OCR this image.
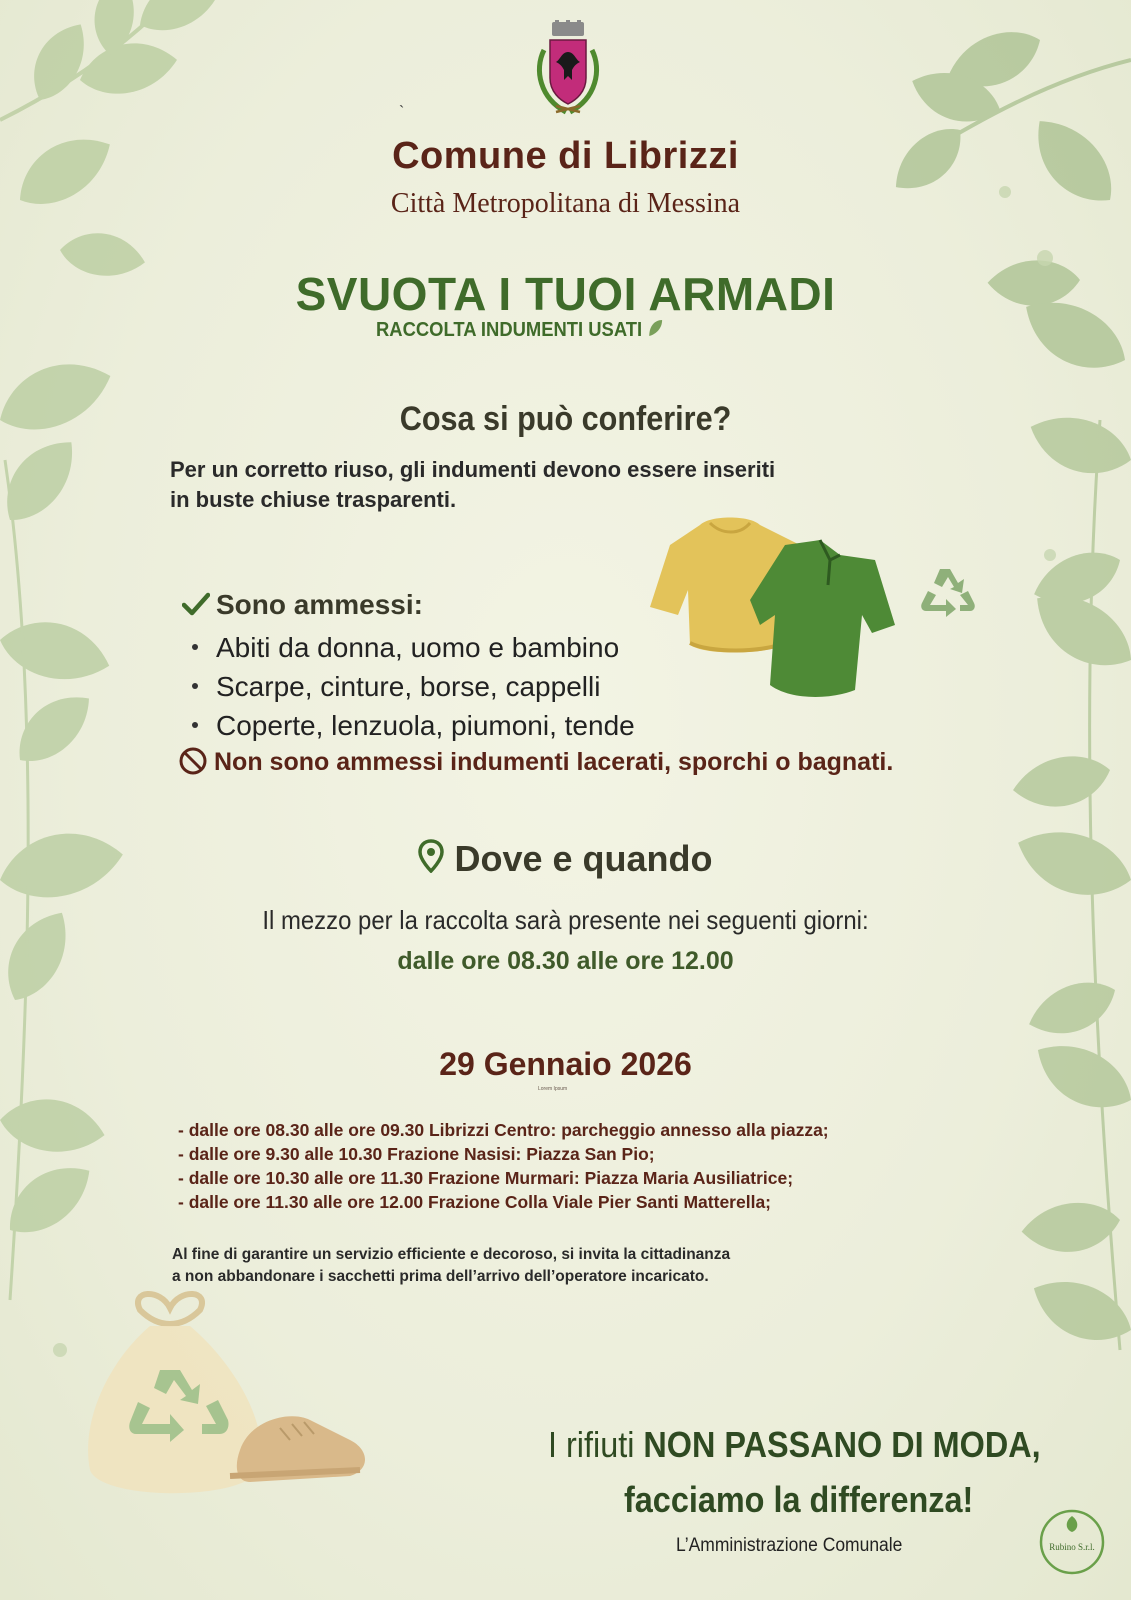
`
Comune di Librizzi
Città Metropolitana di Messina
SVUOTA I TUOI ARMADI
RACCOLTA INDUMENTI USATI
Cosa si può conferire?
Per un corretto riuso, gli indumenti devono essere inseriti
in buste chiuse trasparenti.
Sono ammessi:
Abiti da donna, uomo e bambino
Scarpe, cinture, borse, cappelli
Coperte, lenzuola, piumoni, tende
Non sono ammessi indumenti lacerati, sporchi o bagnati.
Dove e quando
Il mezzo per la raccolta sarà presente nei seguenti giorni:
dalle ore 08.30 alle ore 12.00
29 Gennaio 2026
Lorem Ipsum
- dalle ore 08.30 alle ore 09.30 Librizzi Centro: parcheggio annesso alla piazza;
- dalle ore 9.30 alle 10.30 Frazione Nasisi: Piazza San Pio;
- dalle ore 10.30 alle ore 11.30 Frazione Murmari: Piazza Maria Ausiliatrice;
- dalle ore 11.30 alle ore 12.00 Frazione Colla Viale Pier Santi Matterella;
Al fine di garantire un servizio efficiente e decoroso, si invita la cittadinanza
a non abbandonare i sacchetti prima dell’arrivo dell’operatore incaricato.
I rifiuti NON PASSANO DI MODA,
facciamo la differenza!
L’Amministrazione Comunale	Rubino S.r.l.
